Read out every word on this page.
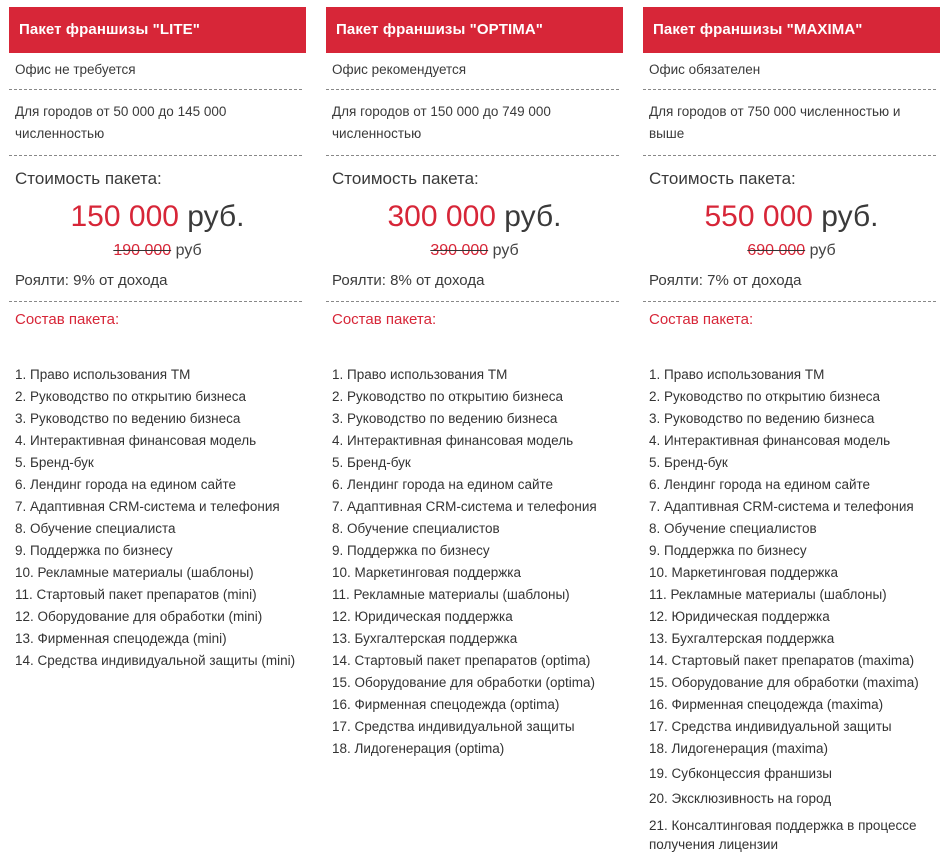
Пакет франшизы "LITE"
Офис не требуется
Для городов от 50 000 до 145 000 численностью
Стоимость пакета:
150 000 руб.
190 000 руб
Роялти: 9% от дохода
Состав пакета:
1. Право использования ТМ
2. Руководство по открытию бизнеса
3. Руководство по ведению бизнеса
4. Интерактивная финансовая модель
5. Бренд-бук
6. Лендинг города на едином сайте
7. Адаптивная CRM-система и телефония
8. Обучение специалиста
9. Поддержка по бизнесу
10. Рекламные материалы (шаблоны)
11. Стартовый пакет препаратов (mini)
12. Оборудование для обработки (mini)
13. Фирменная спецодежда (mini)
14. Средства индивидуальной защиты (mini)
Пакет франшизы "OPTIMA"
Офис рекомендуется
Для городов от 150 000 до 749 000 численностью
Стоимость пакета:
300 000 руб.
390 000 руб
Роялти: 8% от дохода
Состав пакета:
1. Право использования ТМ
2. Руководство по открытию бизнеса
3. Руководство по ведению бизнеса
4. Интерактивная финансовая модель
5. Бренд-бук
6. Лендинг города на едином сайте
7. Адаптивная CRM-система и телефония
8. Обучение специалистов
9. Поддержка по бизнесу
10. Маркетинговая поддержка
11. Рекламные материалы (шаблоны)
12. Юридическая поддержка
13. Бухгалтерская поддержка
14. Стартовый пакет препаратов (optima)
15. Оборудование для обработки (optima)
16. Фирменная спецодежда (optima)
17. Средства индивидуальной защиты
18. Лидогенерация (optima)
Пакет франшизы "MAXIMA"
Офис обязателен
Для городов от 750 000 численностью и выше
Стоимость пакета:
550 000 руб.
690 000 руб
Роялти: 7% от дохода
Состав пакета:
1. Право использования ТМ
2. Руководство по открытию бизнеса
3. Руководство по ведению бизнеса
4. Интерактивная финансовая модель
5. Бренд-бук
6. Лендинг города на едином сайте
7. Адаптивная CRM-система и телефония
8. Обучение специалистов
9. Поддержка по бизнесу
10. Маркетинговая поддержка
11. Рекламные материалы (шаблоны)
12. Юридическая поддержка
13. Бухгалтерская поддержка
14. Стартовый пакет препаратов (maxima)
15. Оборудование для обработки (maxima)
16. Фирменная спецодежда (maxima)
17. Средства индивидуальной защиты
18. Лидогенерация (maxima)
19. Субконцессия франшизы
20. Эксклюзивность на город
21. Консалтинговая поддержка в процессе получения лицензии
